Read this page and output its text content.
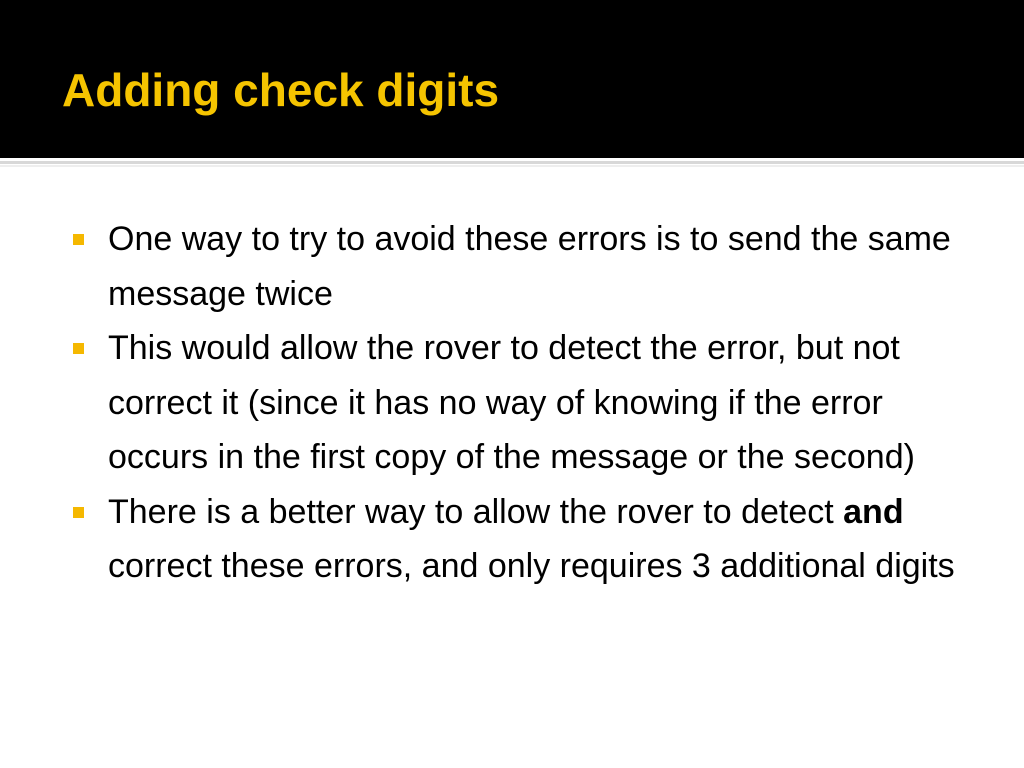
Adding check digits
One way to try to avoid these errors is to send the same message twice
This would allow the rover to detect the error, but not correct it (since it has no way of knowing if the error occurs in the first copy of the message or the second)
There is a better way to allow the rover to detect and correct these errors, and only requires 3 additional digits
